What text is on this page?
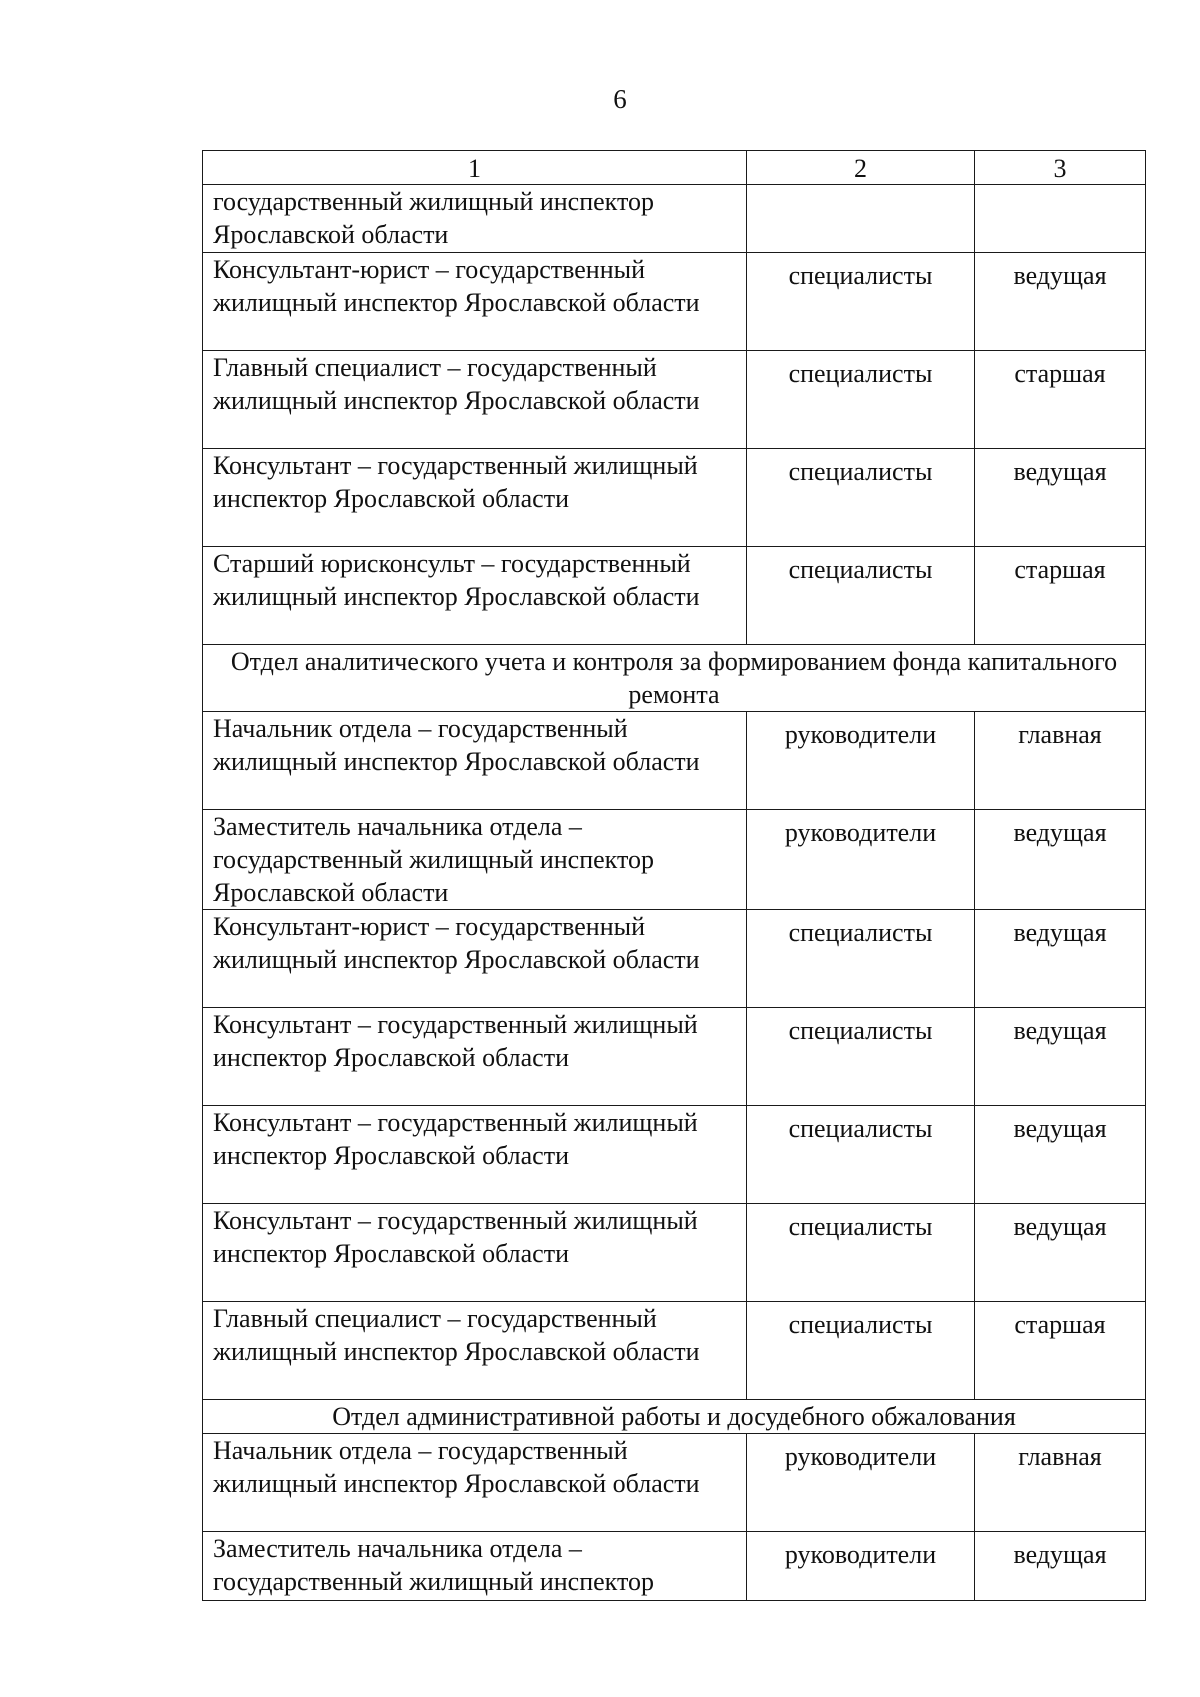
6
1	2	3
государственный жилищный инспектор Ярославской области		
Консультант-юрист – государственный жилищный инспектор Ярославской области	специалисты	ведущая
Главный специалист – государственный жилищный инспектор Ярославской области	специалисты	старшая
Консультант – государственный жилищный инспектор Ярославской области	специалисты	ведущая
Старший юрисконсульт – государственный жилищный инспектор Ярославской области	специалисты	старшая
Отдел аналитического учета и контроля за формированием фонда капитального ремонта		
Начальник отдела – государственный жилищный инспектор Ярославской области	руководители	главная
Заместитель начальника отдела – государственный жилищный инспектор Ярославской области	руководители	ведущая
Консультант-юрист – государственный жилищный инспектор Ярославской области	специалисты	ведущая
Консультант – государственный жилищный инспектор Ярославской области	специалисты	ведущая
Консультант – государственный жилищный инспектор Ярославской области	специалисты	ведущая
Консультант – государственный жилищный инспектор Ярославской области	специалисты	ведущая
Главный специалист – государственный жилищный инспектор Ярославской области	специалисты	старшая
Отдел административной работы и досудебного обжалования		
Начальник отдела – государственный жилищный инспектор Ярославской области	руководители	главная
Заместитель начальника отдела – государственный жилищный инспектор	руководители	ведущая
